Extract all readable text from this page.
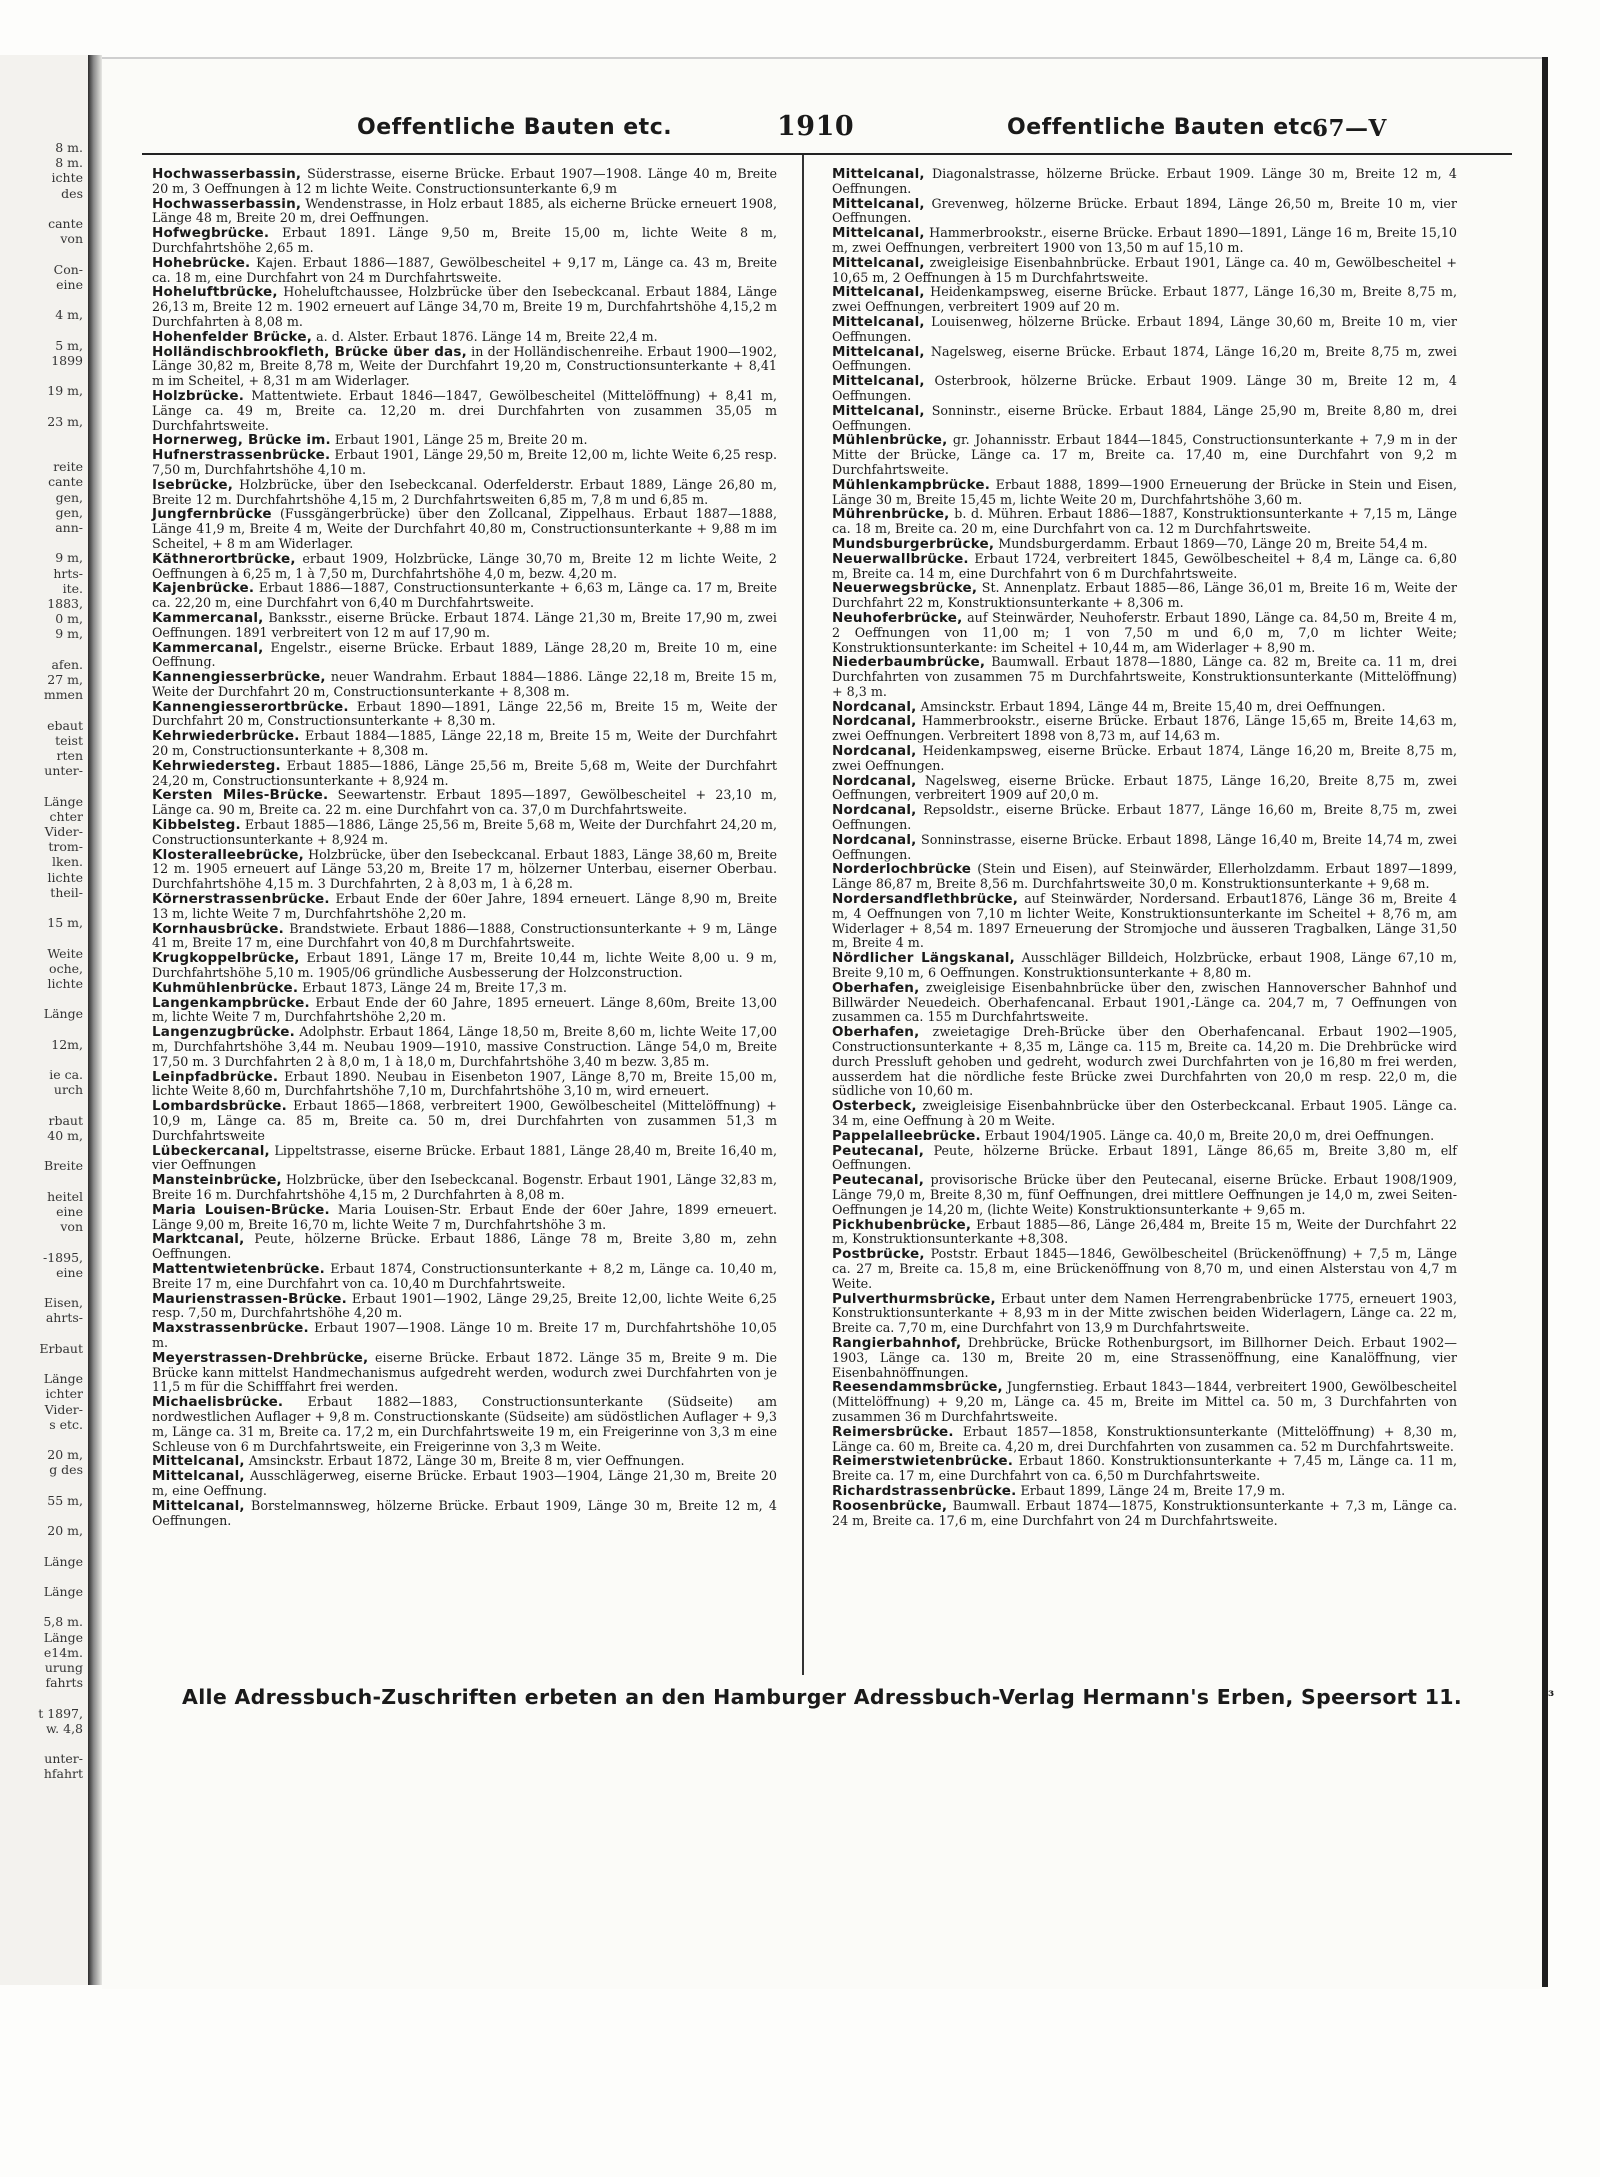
8 m.
8 m.
ichte
des
cante
von
Con-
eine
4 m,
5 m,
1899
19 m,
23 m,
reite
cante
gen,
gen,
ann-
9 m,
hrts-
ite.
1883,
0 m,
9 m,
afen.
27 m,
mmen
ebaut
teist
rten
unter-
Länge
chter
Vider-
trom-
lken.
lichte
theil-
15 m,
Weite
oche,
lichte
Länge
12m,
ie ca.
urch
rbaut
40 m,
Breite
heitel
eine
von
-1895,
eine
Eisen,
ahrts-
Erbaut
Länge
ichter
Vider-
s etc.
20 m,
g des
55 m,
20 m,
Länge
Länge
5,8 m.
Länge
e14m.
urung
fahrts
t 1897,
w. 4,8
unter-
hfahrt
Oeffentliche Bauten etc.	1910	Oeffentliche Bauten etc.
67—V

Hochwasserbassin, Süderstrasse, eiserne Brücke. Erbaut 1907—1908. Länge 40 m, Breite 20 m, 3 Oeffnungen à 12 m lichte Weite. Constructionsunterkante 6,9 m

Hochwasserbassin, Wendenstrasse, in Holz erbaut 1885, als eicherne Brücke erneuert 1908, Länge 48 m, Breite 20 m, drei Oeffnungen.

Hofwegbrücke. Erbaut 1891. Länge 9,50 m, Breite 15,00 m, lichte Weite 8 m, Durchfahrtshöhe 2,65 m.

Hohebrücke. Kajen. Erbaut 1886—1887, Gewölbescheitel + 9,17 m, Länge ca. 43 m, Breite ca. 18 m, eine Durchfahrt von 24 m Durchfahrtsweite.

Hoheluftbrücke, Hoheluftchaussee, Holzbrücke über den Isebeckcanal. Erbaut 1884, Länge 26,13 m, Breite 12 m. 1902 erneuert auf Länge 34,70 m, Breite 19 m, Durchfahrtshöhe 4,15,2 m Durchfahrten à 8,08 m.

Hohenfelder Brücke, a. d. Alster. Erbaut 1876. Länge 14 m, Breite 22,4 m.

Holländischbrookfleth, Brücke über das, in der Holländischenreihe. Erbaut 1900—1902, Länge 30,82 m, Breite 8,78 m, Weite der Durchfahrt 19,20 m, Constructionsunterkante + 8,41 m im Scheitel, + 8,31 m am Widerlager.

Holzbrücke. Mattentwiete. Erbaut 1846—1847, Gewölbescheitel (Mittelöffnung) + 8,41 m, Länge ca. 49 m, Breite ca. 12,20 m. drei Durchfahrten von zusammen 35,05 m Durchfahrtsweite.

Hornerweg, Brücke im. Erbaut 1901, Länge 25 m, Breite 20 m.

Hufnerstrassenbrücke. Erbaut 1901, Länge 29,50 m, Breite 12,00 m, lichte Weite 6,25 resp. 7,50 m, Durchfahrtshöhe 4,10 m.

Isebrücke, Holzbrücke, über den Isebeckcanal. Oderfelderstr. Erbaut 1889, Länge 26,80 m, Breite 12 m. Durchfahrtshöhe 4,15 m, 2 Durchfahrtsweiten 6,85 m, 7,8 m und 6,85 m.

Jungfernbrücke (Fussgängerbrücke) über den Zollcanal, Zippelhaus. Erbaut 1887—1888, Länge 41,9 m, Breite 4 m, Weite der Durchfahrt 40,80 m, Constructionsunterkante + 9,88 m im Scheitel, + 8 m am Widerlager.

Käthnerortbrücke, erbaut 1909, Holzbrücke, Länge 30,70 m, Breite 12 m lichte Weite, 2 Oeffnungen à 6,25 m, 1 à 7,50 m, Durchfahrtshöhe 4,0 m, bezw. 4,20 m.

Kajenbrücke. Erbaut 1886—1887, Constructionsunterkante + 6,63 m, Länge ca. 17 m, Breite ca. 22,20 m, eine Durchfahrt von 6,40 m Durchfahrtsweite.

Kammercanal, Banksstr., eiserne Brücke. Erbaut 1874. Länge 21,30 m, Breite 17,90 m, zwei Oeffnungen. 1891 verbreitert von 12 m auf 17,90 m.

Kammercanal, Engelstr., eiserne Brücke. Erbaut 1889, Länge 28,20 m, Breite 10 m, eine Oeffnung.

Kannengiesserbrücke, neuer Wandrahm. Erbaut 1884—1886. Länge 22,18 m, Breite 15 m, Weite der Durchfahrt 20 m, Constructionsunterkante + 8,308 m.

Kannengiesserortbrücke. Erbaut 1890—1891, Länge 22,56 m, Breite 15 m, Weite der Durchfahrt 20 m, Constructionsunterkante + 8,30 m.

Kehrwiederbrücke. Erbaut 1884—1885, Länge 22,18 m, Breite 15 m, Weite der Durchfahrt 20 m, Constructionsunterkante + 8,308 m.

Kehrwiedersteg. Erbaut 1885—1886, Länge 25,56 m, Breite 5,68 m, Weite der Durchfahrt 24,20 m, Constructionsunterkante + 8,924 m.

Kersten Miles-Brücke. Seewartenstr. Erbaut 1895—1897, Gewölbescheitel + 23,10 m, Länge ca. 90 m, Breite ca. 22 m. eine Durchfahrt von ca. 37,0 m Durchfahrtsweite.

Kibbelsteg. Erbaut 1885—1886, Länge 25,56 m, Breite 5,68 m, Weite der Durchfahrt 24,20 m, Constructionsunterkante + 8,924 m.

Klosteralleebrücke, Holzbrücke, über den Isebeckcanal. Erbaut 1883, Länge 38,60 m, Breite 12 m. 1905 erneuert auf Länge 53,20 m, Breite 17 m, hölzerner Unterbau, eiserner Oberbau. Durchfahrtshöhe 4,15 m. 3 Durchfahrten, 2 à 8,03 m, 1 à 6,28 m.

Körnerstrassenbrücke. Erbaut Ende der 60er Jahre, 1894 erneuert. Länge 8,90 m, Breite 13 m, lichte Weite 7 m, Durchfahrtshöhe 2,20 m.

Kornhausbrücke. Brandstwiete. Erbaut 1886—1888, Constructionsunterkante + 9 m, Länge 41 m, Breite 17 m, eine Durchfahrt von 40,8 m Durchfahrtsweite.

Krugkoppelbrücke, Erbaut 1891, Länge 17 m, Breite 10,44 m, lichte Weite 8,00 u. 9 m, Durchfahrtshöhe 5,10 m. 1905/06 gründliche Ausbesserung der Holzconstruction.

Kuhmühlenbrücke. Erbaut 1873, Länge 24 m, Breite 17,3 m.

Langenkampbrücke. Erbaut Ende der 60 Jahre, 1895 erneuert. Länge 8,60m, Breite 13,00 m, lichte Weite 7 m, Durchfahrtshöhe 2,20 m.

Langenzugbrücke. Adolphstr. Erbaut 1864, Länge 18,50 m, Breite 8,60 m, lichte Weite 17,00 m, Durchfahrtshöhe 3,44 m. Neubau 1909—1910, massive Construction. Länge 54,0 m, Breite 17,50 m. 3 Durchfahrten 2 à 8,0 m, 1 à 18,0 m, Durchfahrtshöhe 3,40 m bezw. 3,85 m.

Leinpfadbrücke. Erbaut 1890. Neubau in Eisenbeton 1907, Länge 8,70 m, Breite 15,00 m, lichte Weite 8,60 m, Durchfahrtshöhe 7,10 m, Durchfahrtshöhe 3,10 m, wird erneuert.

Lombardsbrücke. Erbaut 1865—1868, verbreitert 1900, Gewölbescheitel (Mittelöffnung) + 10,9 m, Länge ca. 85 m, Breite ca. 50 m, drei Durchfahrten von zusammen 51,3 m Durchfahrtsweite

Lübeckercanal, Lippeltstrasse, eiserne Brücke. Erbaut 1881, Länge 28,40 m, Breite 16,40 m, vier Oeffnungen

Mansteinbrücke, Holzbrücke, über den Isebeckcanal. Bogenstr. Erbaut 1901, Länge 32,83 m, Breite 16 m. Durchfahrtshöhe 4,15 m, 2 Durchfahrten à 8,08 m.

Maria Louisen-Brücke. Maria Louisen-Str. Erbaut Ende der 60er Jahre, 1899 erneuert. Länge 9,00 m, Breite 16,70 m, lichte Weite 7 m, Durchfahrtshöhe 3 m.

Marktcanal, Peute, hölzerne Brücke. Erbaut 1886, Länge 78 m, Breite 3,80 m, zehn Oeffnungen.

Mattentwietenbrücke. Erbaut 1874, Constructionsunterkante + 8,2 m, Länge ca. 10,40 m, Breite 17 m, eine Durchfahrt von ca. 10,40 m Durchfahrtsweite.

Maurienstrassen-Brücke. Erbaut 1901—1902, Länge 29,25, Breite 12,00, lichte Weite 6,25 resp. 7,50 m, Durchfahrtshöhe 4,20 m.

Maxstrassenbrücke. Erbaut 1907—1908. Länge 10 m. Breite 17 m, Durchfahrtshöhe 10,05 m.

Meyerstrassen-Drehbrücke, eiserne Brücke. Erbaut 1872. Länge 35 m, Breite 9 m. Die Brücke kann mittelst Handmechanismus aufgedreht werden, wodurch zwei Durchfahrten von je 11,5 m für die Schifffahrt frei werden.

Michaelisbrücke. Erbaut 1882—1883, Constructionsunterkante (Südseite) am nordwestlichen Auflager + 9,8 m. Constructionskante (Südseite) am südöstlichen Auflager + 9,3 m, Länge ca. 31 m, Breite ca. 17,2 m, ein Durchfahrtsweite 19 m, ein Freigerinne von 3,3 m eine Schleuse von 6 m Durchfahrtsweite, ein Freigerinne von 3,3 m Weite.

Mittelcanal, Amsinckstr. Erbaut 1872, Länge 30 m, Breite 8 m, vier Oeffnungen.

Mittelcanal, Ausschlägerweg, eiserne Brücke. Erbaut 1903—1904, Länge 21,30 m, Breite 20 m, eine Oeffnung.

Mittelcanal, Borstelmannsweg, hölzerne Brücke. Erbaut 1909, Länge 30 m, Breite 12 m, 4 Oeffnungen.

Mittelcanal, Diagonalstrasse, hölzerne Brücke. Erbaut 1909. Länge 30 m, Breite 12 m, 4 Oeffnungen.

Mittelcanal, Grevenweg, hölzerne Brücke. Erbaut 1894, Länge 26,50 m, Breite 10 m, vier Oeffnungen.

Mittelcanal, Hammerbrookstr., eiserne Brücke. Erbaut 1890—1891, Länge 16 m, Breite 15,10 m, zwei Oeffnungen, verbreitert 1900 von 13,50 m auf 15,10 m.

Mittelcanal, zweigleisige Eisenbahnbrücke. Erbaut 1901, Länge ca. 40 m, Gewölbescheitel + 10,65 m, 2 Oeffnungen à 15 m Durchfahrtsweite.

Mittelcanal, Heidenkampsweg, eiserne Brücke. Erbaut 1877, Länge 16,30 m, Breite 8,75 m, zwei Oeffnungen, verbreitert 1909 auf 20 m.

Mittelcanal, Louisenweg, hölzerne Brücke. Erbaut 1894, Länge 30,60 m, Breite 10 m, vier Oeffnungen.

Mittelcanal, Nagelsweg, eiserne Brücke. Erbaut 1874, Länge 16,20 m, Breite 8,75 m, zwei Oeffnungen.

Mittelcanal, Osterbrook, hölzerne Brücke. Erbaut 1909. Länge 30 m, Breite 12 m, 4 Oeffnungen.

Mittelcanal, Sonninstr., eiserne Brücke. Erbaut 1884, Länge 25,90 m, Breite 8,80 m, drei Oeffnungen.

Mühlenbrücke, gr. Johannisstr. Erbaut 1844—1845, Constructionsunterkante + 7,9 m in der Mitte der Brücke, Länge ca. 17 m, Breite ca. 17,40 m, eine Durchfahrt von 9,2 m Durchfahrtsweite.

Mühlenkampbrücke. Erbaut 1888, 1899—1900 Erneuerung der Brücke in Stein und Eisen, Länge 30 m, Breite 15,45 m, lichte Weite 20 m, Durchfahrtshöhe 3,60 m.

Mührenbrücke, b. d. Mühren. Erbaut 1886—1887, Konstruktionsunterkante + 7,15 m, Länge ca. 18 m, Breite ca. 20 m, eine Durchfahrt von ca. 12 m Durchfahrtsweite.

Mundsburgerbrücke, Mundsburgerdamm. Erbaut 1869—70, Länge 20 m, Breite 54,4 m.

Neuerwallbrücke. Erbaut 1724, verbreitert 1845, Gewölbescheitel + 8,4 m, Länge ca. 6,80 m, Breite ca. 14 m, eine Durchfahrt von 6 m Durchfahrtsweite.

Neuerwegsbrücke, St. Annenplatz. Erbaut 1885—86, Länge 36,01 m, Breite 16 m, Weite der Durchfahrt 22 m, Konstruktionsunterkante + 8,306 m.

Neuhoferbrücke, auf Steinwärder, Neuhoferstr. Erbaut 1890, Länge ca. 84,50 m, Breite 4 m, 2 Oeffnungen von 11,00 m; 1 von 7,50 m und 6,0 m, 7,0 m lichter Weite; Konstruktionsunterkante: im Scheitel + 10,44 m, am Widerlager + 8,90 m.

Niederbaumbrücke, Baumwall. Erbaut 1878—1880, Länge ca. 82 m, Breite ca. 11 m, drei Durchfahrten von zusammen 75 m Durchfahrtsweite, Konstruktionsunterkante (Mittelöffnung) + 8,3 m.

Nordcanal, Amsinckstr. Erbaut 1894, Länge 44 m, Breite 15,40 m, drei Oeffnungen.

Nordcanal, Hammerbrookstr., eiserne Brücke. Erbaut 1876, Länge 15,65 m, Breite 14,63 m, zwei Oeffnungen. Verbreitert 1898 von 8,73 m, auf 14,63 m.

Nordcanal, Heidenkampsweg, eiserne Brücke. Erbaut 1874, Länge 16,20 m, Breite 8,75 m, zwei Oeffnungen.

Nordcanal, Nagelsweg, eiserne Brücke. Erbaut 1875, Länge 16,20, Breite 8,75 m, zwei Oeffnungen, verbreitert 1909 auf 20,0 m.

Nordcanal, Repsoldstr., eiserne Brücke. Erbaut 1877, Länge 16,60 m, Breite 8,75 m, zwei Oeffnungen.

Nordcanal, Sonninstrasse, eiserne Brücke. Erbaut 1898, Länge 16,40 m, Breite 14,74 m, zwei Oeffnungen.

Norderlochbrücke (Stein und Eisen), auf Steinwärder, Ellerholzdamm. Erbaut 1897—1899, Länge 86,87 m, Breite 8,56 m. Durchfahrtsweite 30,0 m. Konstruktionsunterkante + 9,68 m.

Nordersandflethbrücke, auf Steinwärder, Nordersand. Erbaut1876, Länge 36 m, Breite 4 m, 4 Oeffnungen von 7,10 m lichter Weite, Konstruktionsunterkante im Scheitel + 8,76 m, am Widerlager + 8,54 m. 1897 Erneuerung der Stromjoche und äusseren Tragbalken, Länge 31,50 m, Breite 4 m.

Nördlicher Längskanal, Ausschläger Billdeich, Holzbrücke, erbaut 1908, Länge 67,10 m, Breite 9,10 m, 6 Oeffnungen. Konstruktionsunterkante + 8,80 m.

Oberhafen, zweigleisige Eisenbahnbrücke über den, zwischen Hannoverscher Bahnhof und Billwärder Neuedeich. Oberhafencanal. Erbaut 1901,-Länge ca. 204,7 m, 7 Oeffnungen von zusammen ca. 155 m Durchfahrtsweite.

Oberhafen, zweietagige Dreh-Brücke über den Oberhafencanal. Erbaut 1902—1905, Constructionsunterkante + 8,35 m, Länge ca. 115 m, Breite ca. 14,20 m. Die Drehbrücke wird durch Pressluft gehoben und gedreht, wodurch zwei Durchfahrten von je 16,80 m frei werden, ausserdem hat die nördliche feste Brücke zwei Durchfahrten von 20,0 m resp. 22,0 m, die südliche von 10,60 m.

Osterbeck, zweigleisige Eisenbahnbrücke über den Osterbeckcanal. Erbaut 1905. Länge ca. 34 m, eine Oeffnung à 20 m Weite.

Pappelalleebrücke. Erbaut 1904/1905. Länge ca. 40,0 m, Breite 20,0 m, drei Oeffnungen.

Peutecanal, Peute, hölzerne Brücke. Erbaut 1891, Länge 86,65 m, Breite 3,80 m, elf Oeffnungen.

Peutecanal, provisorische Brücke über den Peutecanal, eiserne Brücke. Erbaut 1908/1909, Länge 79,0 m, Breite 8,30 m, fünf Oeffnungen, drei mittlere Oeffnungen je 14,0 m, zwei Seiten-Oeffnungen je 14,20 m, (lichte Weite) Konstruktionsunterkante + 9,65 m.

Pickhubenbrücke, Erbaut 1885—86, Länge 26,484 m, Breite 15 m, Weite der Durchfahrt 22 m, Konstruktionsunterkante +8,308.

Postbrücke, Poststr. Erbaut 1845—1846, Gewölbescheitel (Brückenöffnung) + 7,5 m, Länge ca. 27 m, Breite ca. 15,8 m, eine Brückenöffnung von 8,70 m, und einen Alsterstau von 4,7 m Weite.

Pulverthurmsbrücke, Erbaut unter dem Namen Herrengrabenbrücke 1775, erneuert 1903, Konstruktionsunterkante + 8,93 m in der Mitte zwischen beiden Widerlagern, Länge ca. 22 m, Breite ca. 7,70 m, eine Durchfahrt von 13,9 m Durchfahrtsweite.

Rangierbahnhof, Drehbrücke, Brücke Rothenburgsort, im Billhorner Deich. Erbaut 1902—1903, Länge ca. 130 m, Breite 20 m, eine Strassenöffnung, eine Kanalöffnung, vier Eisenbahnöffnungen.

Reesendammsbrücke, Jungfernstieg. Erbaut 1843—1844, verbreitert 1900, Gewölbescheitel (Mittelöffnung) + 9,20 m, Länge ca. 45 m, Breite im Mittel ca. 50 m, 3 Durchfahrten von zusammen 36 m Durchfahrtsweite.

Reimersbrücke. Erbaut 1857—1858, Konstruktionsunterkante (Mittelöffnung) + 8,30 m, Länge ca. 60 m, Breite ca. 4,20 m, drei Durchfahrten von zusammen ca. 52 m Durchfahrtsweite.

Reimerstwietenbrücke. Erbaut 1860. Konstruktionsunterkante + 7,45 m, Länge ca. 11 m, Breite ca. 17 m, eine Durchfahrt von ca. 6,50 m Durchfahrtsweite.

Richardstrassenbrücke. Erbaut 1899, Länge 24 m, Breite 17,9 m.

Roosenbrücke, Baumwall. Erbaut 1874—1875, Konstruktionsunterkante + 7,3 m, Länge ca. 24 m, Breite ca. 17,6 m, eine Durchfahrt von 24 m Durchfahrtsweite.

Alle Adressbuch-Zuschriften erbeten an den Hamburger Adressbuch-Verlag Hermann's Erben, Speersort 11.	³
